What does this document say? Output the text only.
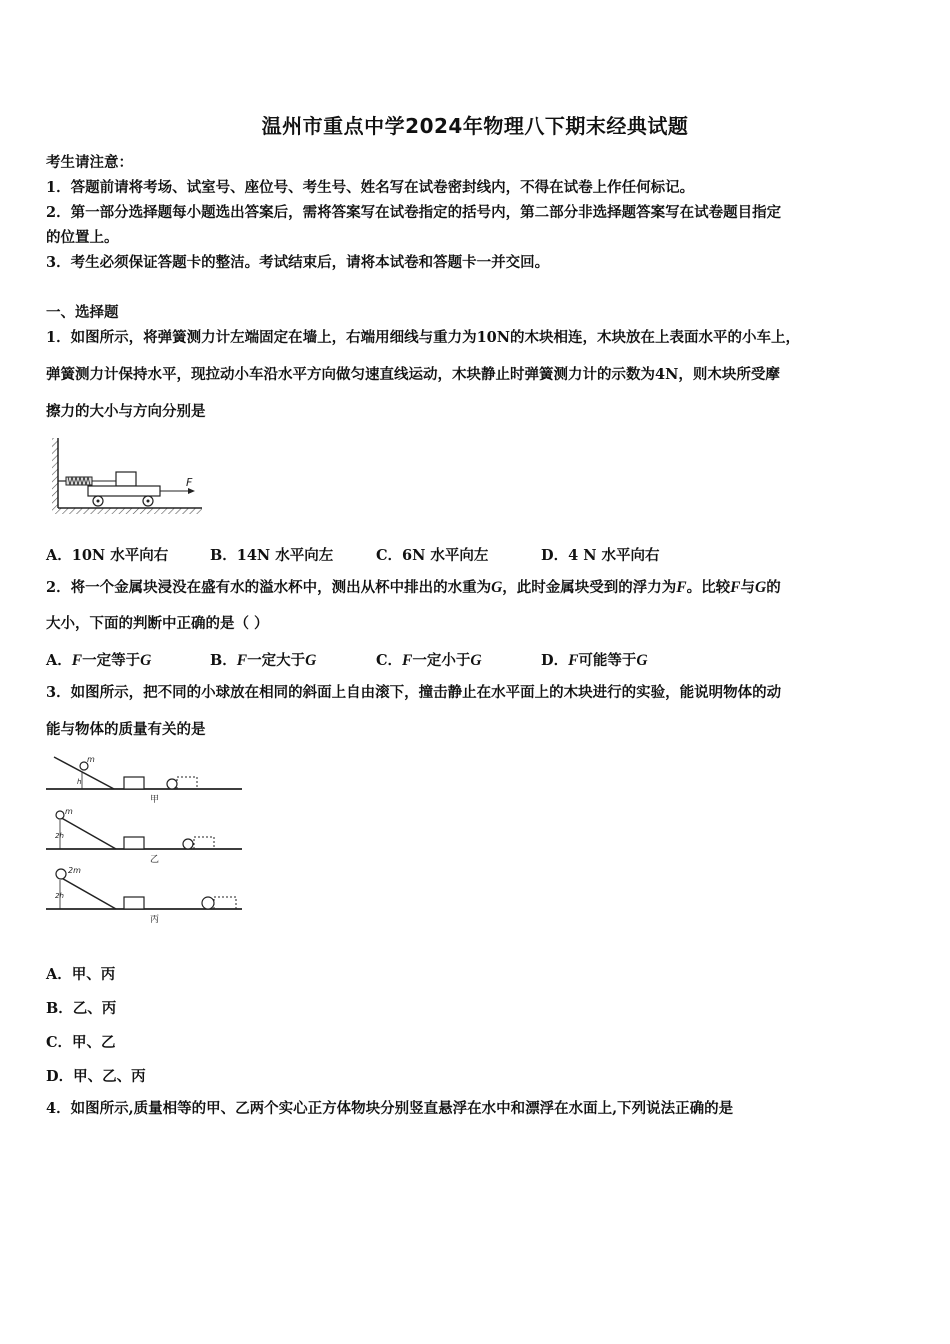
温州市重点中学2024年物理八下期末经典试题
考生请注意：
1．答题前请将考场、试室号、座位号、考生号、姓名写在试卷密封线内，不得在试卷上作任何标记。
2．第一部分选择题每小题选出答案后，需将答案写在试卷指定的括号内，第二部分非选择题答案写在试卷题目指定
的位置上。
3．考生必须保证答题卡的整洁。考试结束后，请将本试卷和答题卡一并交回。
一、选择题
1．如图所示，将弹簧测力计左端固定在墙上，右端用细线与重力为10N的木块相连，木块放在上表面水平的小车上，
弹簧测力计保持水平，现拉动小车沿水平方向做匀速直线运动，木块静止时弹簧测力计的示数为4N，则木块所受摩
擦力的大小与方向分别是
F
A．10N 水平向右	B．14N 水平向左	C．6N 水平向左	D．4 N 水平向右
2．将一个金属块浸没在盛有水的溢水杯中，测出从杯中排出的水重为G，此时金属块受到的浮力为F。比较F与G的
大小，下面的判断中正确的是（ ）
A．F一定等于G	B．F一定大于G	C．F一定小于G	D．F可能等于G
3．如图所示，把不同的小球放在相同的斜面上自由滚下，撞击静止在水平面上的木块进行的实验，能说明物体的动
能与物体的质量有关的是
m
h
甲
m
2h
乙
2m
2h
丙
A．甲、丙
B．乙、丙
C．甲、乙
D．甲、乙、丙
4．如图所示,质量相等的甲、乙两个实心正方体物块分别竖直悬浮在水中和漂浮在水面上,下列说法正确的是
